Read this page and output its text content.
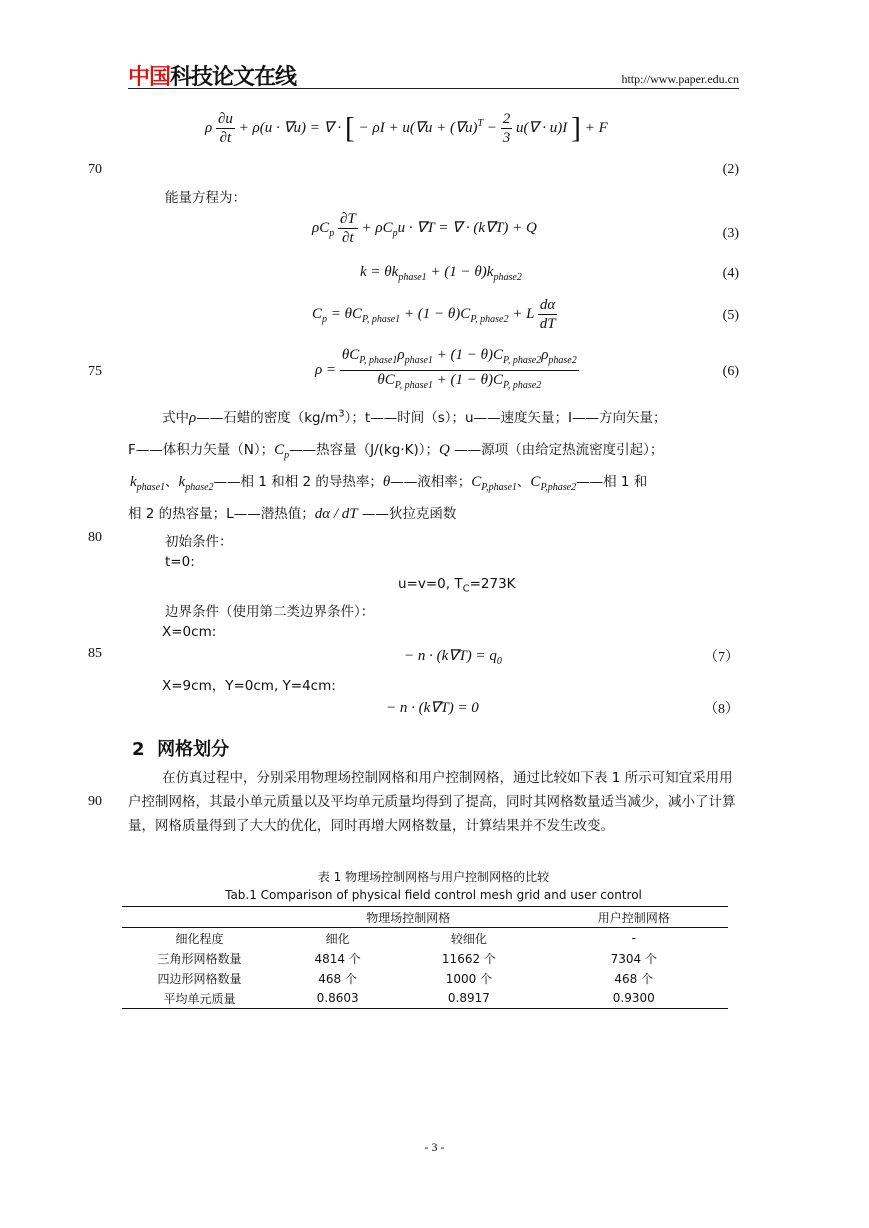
中国科技论文在线	http://www.paper.edu.cn
70
75
80
85
90
ρ $\frac{\partial u}{\partial t} + \rho(u \cdot \nabla u)$ = ∇ · [ − $\rho I + u(\nabla u + (\nabla u)^T - \frac{2}{3} u(\nabla \cdot u)I$ ] + F
(2)
能量方程为：
$\rho C_p \frac{\partial T}{\partial t} + \rho C_pu \cdot \nabla T$ = ∇ · (k∇T) + Q	(3)
$k = \theta k_{phase1} + (1 - \theta)k_{phase2}$	(4)
$C_p = \theta C_{P, phase1} + (1 - \theta)C_{P, phase2} + L \frac{d\alpha}{dT}$	(5)
$\rho = \frac{\theta C_{P, phase1}\rho_{phase1} + (1 - \theta)C_{P, phase2}\rho_{phase2}}{\theta C_{P, phase1} + (1 - \theta)C_{P, phase2}}$	(6)
式中ρ——石蜡的密度$(kg/m^3)$；t——时间（s）；u——速度矢量；I——方向矢量；
F——体积力矢量（N）；$C_p——$热容量（J/(kg·K)）；Q ——源项（由给定热流密度引起）；
$k_{phase1}$、$k_{phase2}——$相 1 和相 2 的导热率；θ——液相率；$C_{P,phase1}$、$C_{P,phase2}——$相 1 和
相 2 的热容量；L——潜热值；dα / dT ——狄拉克函数
初始条件：
t=0:
u=v=0, $T_C=273K$
边界条件（使用第二类边界条件）：
X=0cm:
− $n \cdot (k\nabla T) = q_0$	（7）
X=9cm，Y=0cm, Y=4cm:
− n · (k∇T) = 0	（8）
2 网格划分
在仿真过程中，分别采用物理场控制网格和用户控制网格，通过比较如下表 1 所示可知宜采用用户控制网格，其最小单元质量以及平均单元质量均得到了提高，同时其网格数量适当减少，减小了计算量，网格质量得到了大大的优化，同时再增大网格数量，计算结果并不发生改变。
表 1 物理场控制网格与用户控制网格的比较
Tab.1 Comparison of physical field control mesh grid and user control
	物理场控制网格		用户控制网格
细化程度	细化	较细化	-
三角形网格数量	4814 个	11662 个	7304 个
四边形网格数量	468 个	1000 个	468 个
平均单元质量	0.8603	0.8917	0.9300
- 3 -
